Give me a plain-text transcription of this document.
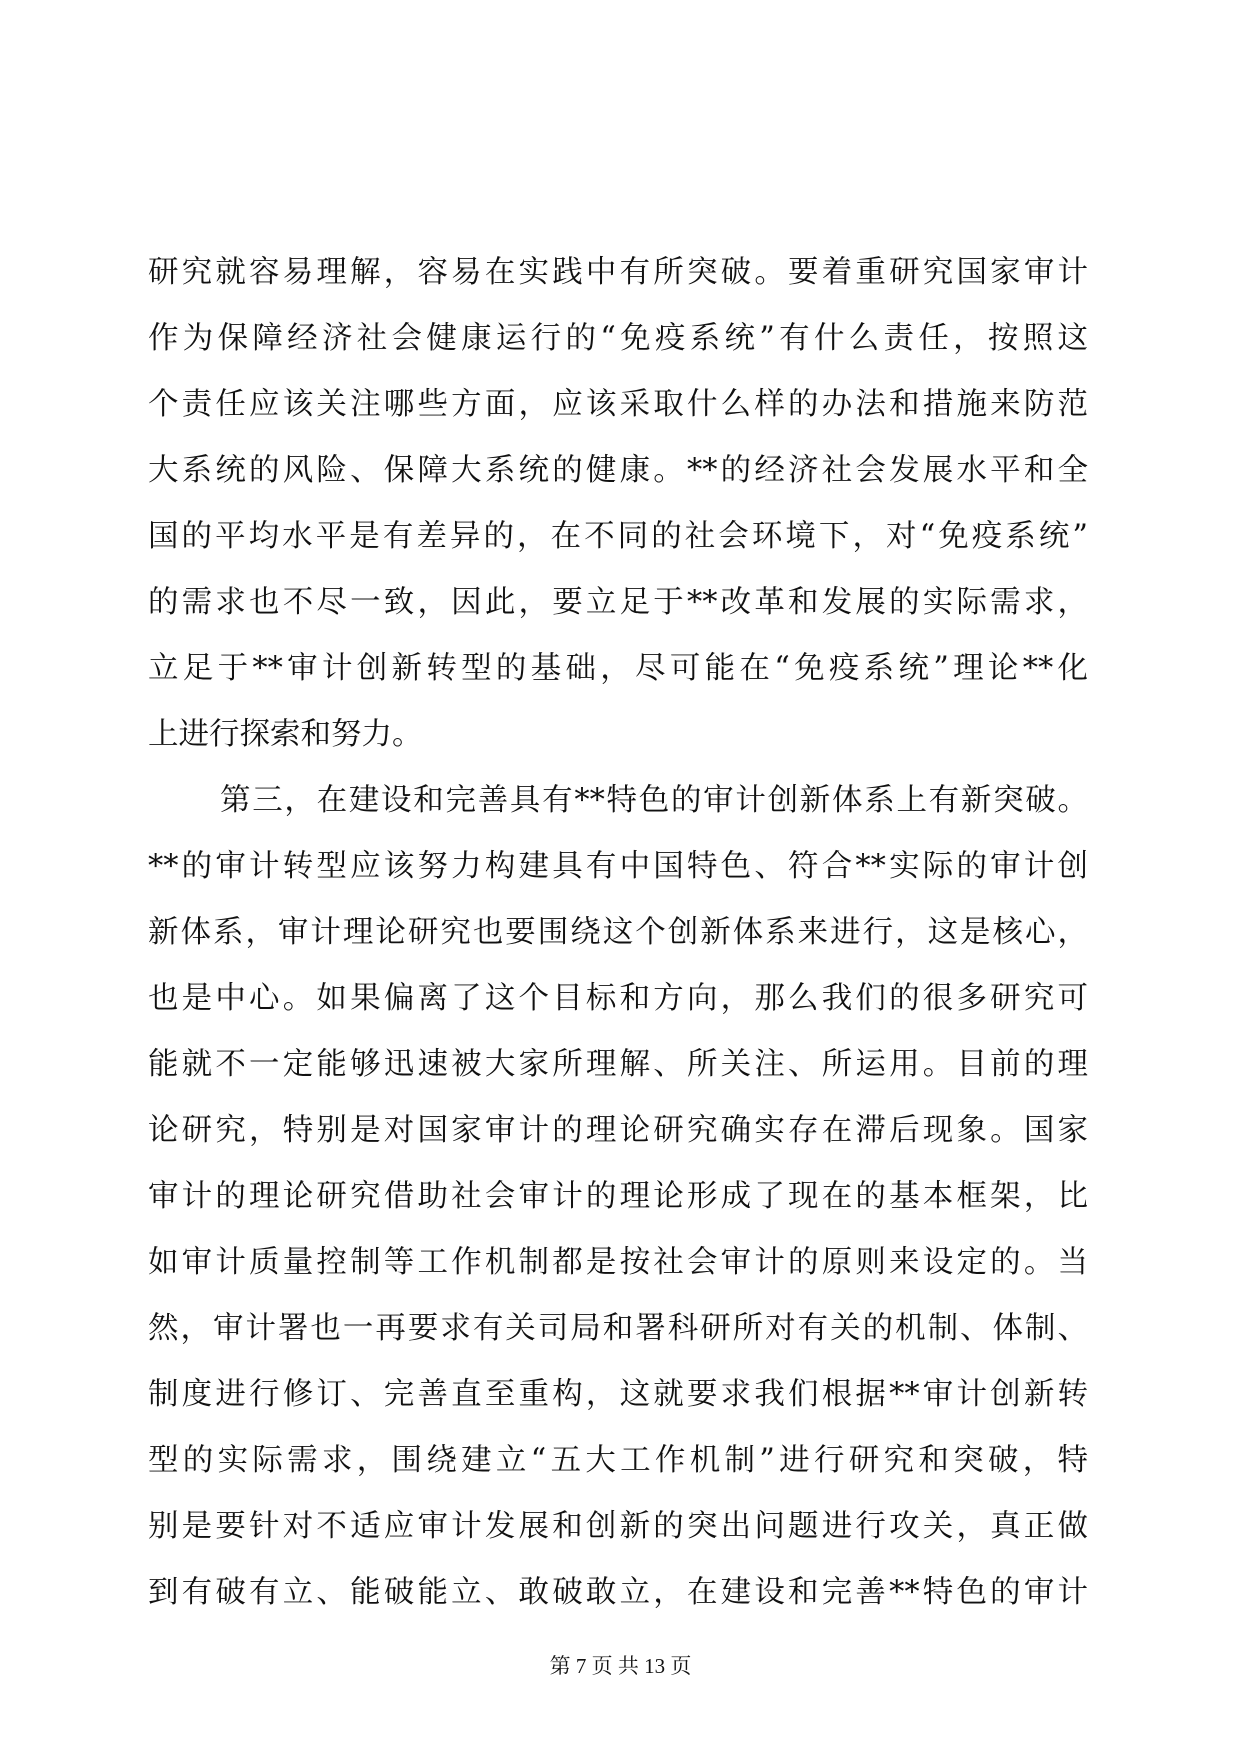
研究就容易理解，容易在实践中有所突破。要着重研究国家审计
作为保障经济社会健康运行的“免疫系统”有什么责任，按照这
个责任应该关注哪些方面，应该采取什么样的办法和措施来防范
大系统的风险、保障大系统的健康。**的经济社会发展水平和全
国的平均水平是有差异的，在不同的社会环境下，对“免疫系统”
的需求也不尽一致，因此，要立足于**改革和发展的实际需求，
立足于**审计创新转型的基础，尽可能在“免疫系统”理论**化
上进行探索和努力。
第三，在建设和完善具有**特色的审计创新体系上有新突破。
**的审计转型应该努力构建具有中国特色、符合**实际的审计创
新体系，审计理论研究也要围绕这个创新体系来进行，这是核心，
也是中心。如果偏离了这个目标和方向，那么我们的很多研究可
能就不一定能够迅速被大家所理解、所关注、所运用。目前的理
论研究，特别是对国家审计的理论研究确实存在滞后现象。国家
审计的理论研究借助社会审计的理论形成了现在的基本框架，比
如审计质量控制等工作机制都是按社会审计的原则来设定的。当
然，审计署也一再要求有关司局和署科研所对有关的机制、体制、
制度进行修订、完善直至重构，这就要求我们根据**审计创新转
型的实际需求，围绕建立“五大工作机制”进行研究和突破，特
别是要针对不适应审计发展和创新的突出问题进行攻关，真正做
到有破有立、能破能立、敢破敢立，在建设和完善**特色的审计
第 7 页 共 13 页
